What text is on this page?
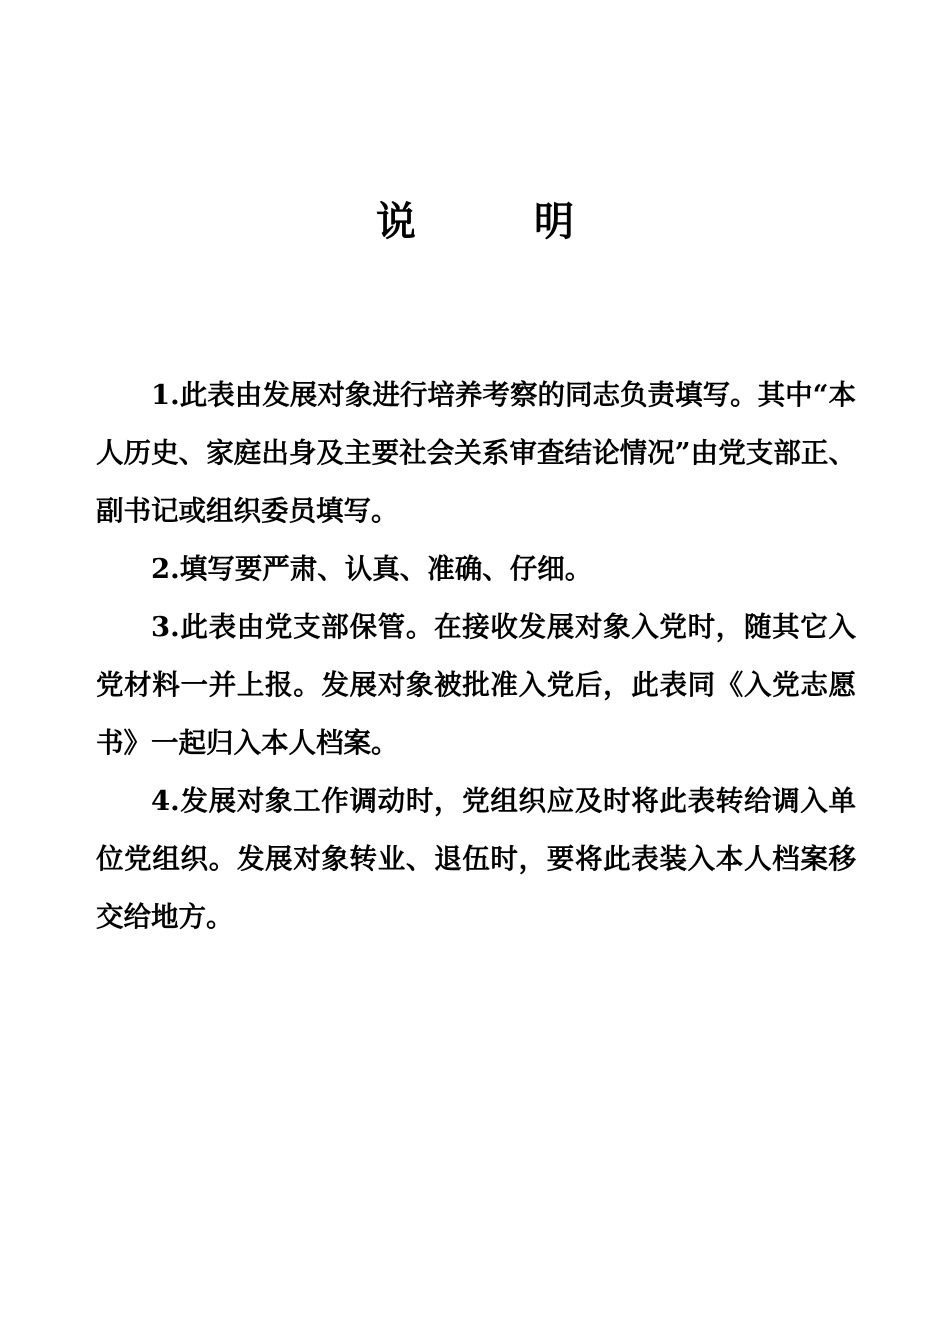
说明

1.此表由发展对象进行培养考察的同志负责填写。其中“本人历史、家庭出身及主要社会关系审查结论情况”由党支部正、副书记或组织委员填写。

2.填写要严肃、认真、准确、仔细。

3.此表由党支部保管。在接收发展对象入党时，随其它入党材料一并上报。发展对象被批准入党后，此表同《入党志愿书》一起归入本人档案。

4.发展对象工作调动时，党组织应及时将此表转给调入单位党组织。发展对象转业、退伍时，要将此表装入本人档案移交给地方。
